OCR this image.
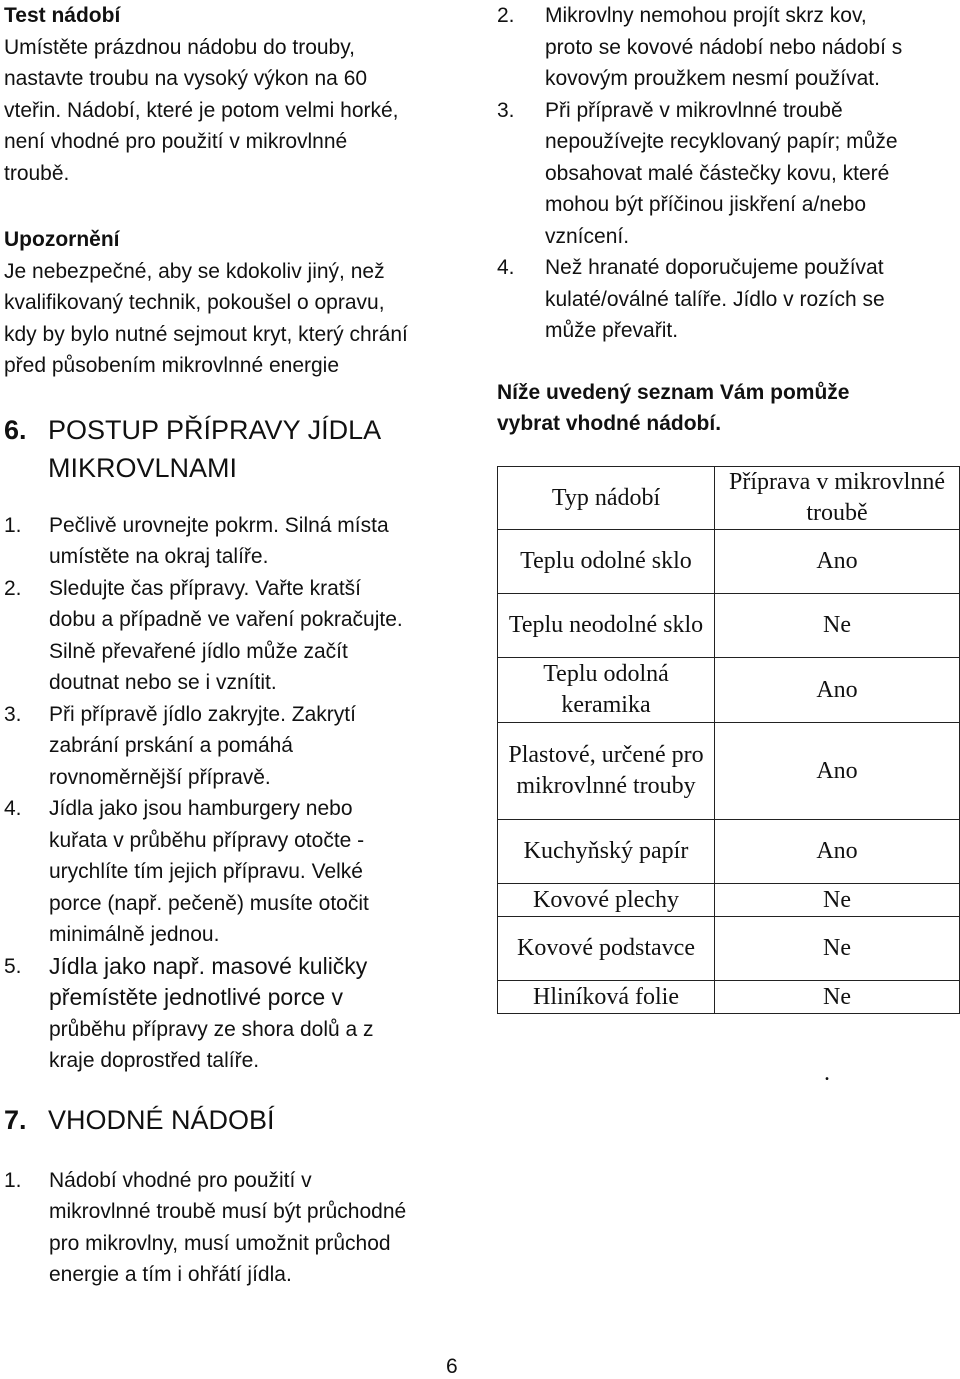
Test nádobí
Umístěte prázdnou nádobu do trouby,
nastavte troubu na vysoký výkon na 60
vteřin. Nádobí, které je potom velmi horké,
není vhodné pro použití v mikrovlnné
troubě.
Upozornění
Je nebezpečné, aby se kdokoliv jiný, než
kvalifikovaný technik, pokoušel o opravu,
kdy by bylo nutné sejmout kryt, který chrání
před působením mikrovlnné energie
6. POSTUP PŘÍPRAVY JÍDLA
MIKROVLNAMI
1. Pečlivě urovnejte pokrm. Silná místa
umístěte na okraj talíře.
2. Sledujte čas přípravy. Vařte kratší
dobu a případně ve vaření pokračujte.
Silně převařené jídlo může začít
doutnat nebo se i vznítit.
3. Při přípravě jídlo zakryjte. Zakrytí
zabrání prskání a pomáhá
rovnoměrnější přípravě.
4. Jídla jako jsou hamburgery nebo
kuřata v průběhu přípravy otočte -
urychlíte tím jejich přípravu. Velké
porce (např. pečeně) musíte otočit
minimálně jednou.
5. Jídla jako např. masové kuličky
přemístěte jednotlivé porce v
průběhu přípravy ze shora dolů a z
kraje doprostřed talíře.
7. VHODNÉ NÁDOBÍ
1. Nádobí vhodné pro použití v
mikrovlnné troubě musí být průchodné
pro mikrovlny, musí umožnit průchod
energie a tím i ohřátí jídla.
2. Mikrovlny nemohou projít skrz kov,
proto se kovové nádobí nebo nádobí s
kovovým proužkem nesmí používat.
3. Při přípravě v mikrovlnné troubě
nepoužívejte recyklovaný papír; může
obsahovat malé částečky kovu, které
mohou být příčinou jiskření a/nebo
vznícení.
4. Než hranaté doporučujeme používat
kulaté/oválné talíře. Jídlo v rozích se
může převařit.
Níže uvedený seznam Vám pomůže
vybrat vhodné nádobí.
Typ nádobí	Příprava v mikrovlnné troubě
Teplu odolné sklo	Ano
Teplu neodolné sklo	Ne
Teplu odolná keramika	Ano
Plastové, určené pro mikrovlnné trouby	Ano
Kuchyňský papír	Ano
Kovové plechy	Ne
Kovové podstavce	Ne
Hliníková folie	Ne
.
6
